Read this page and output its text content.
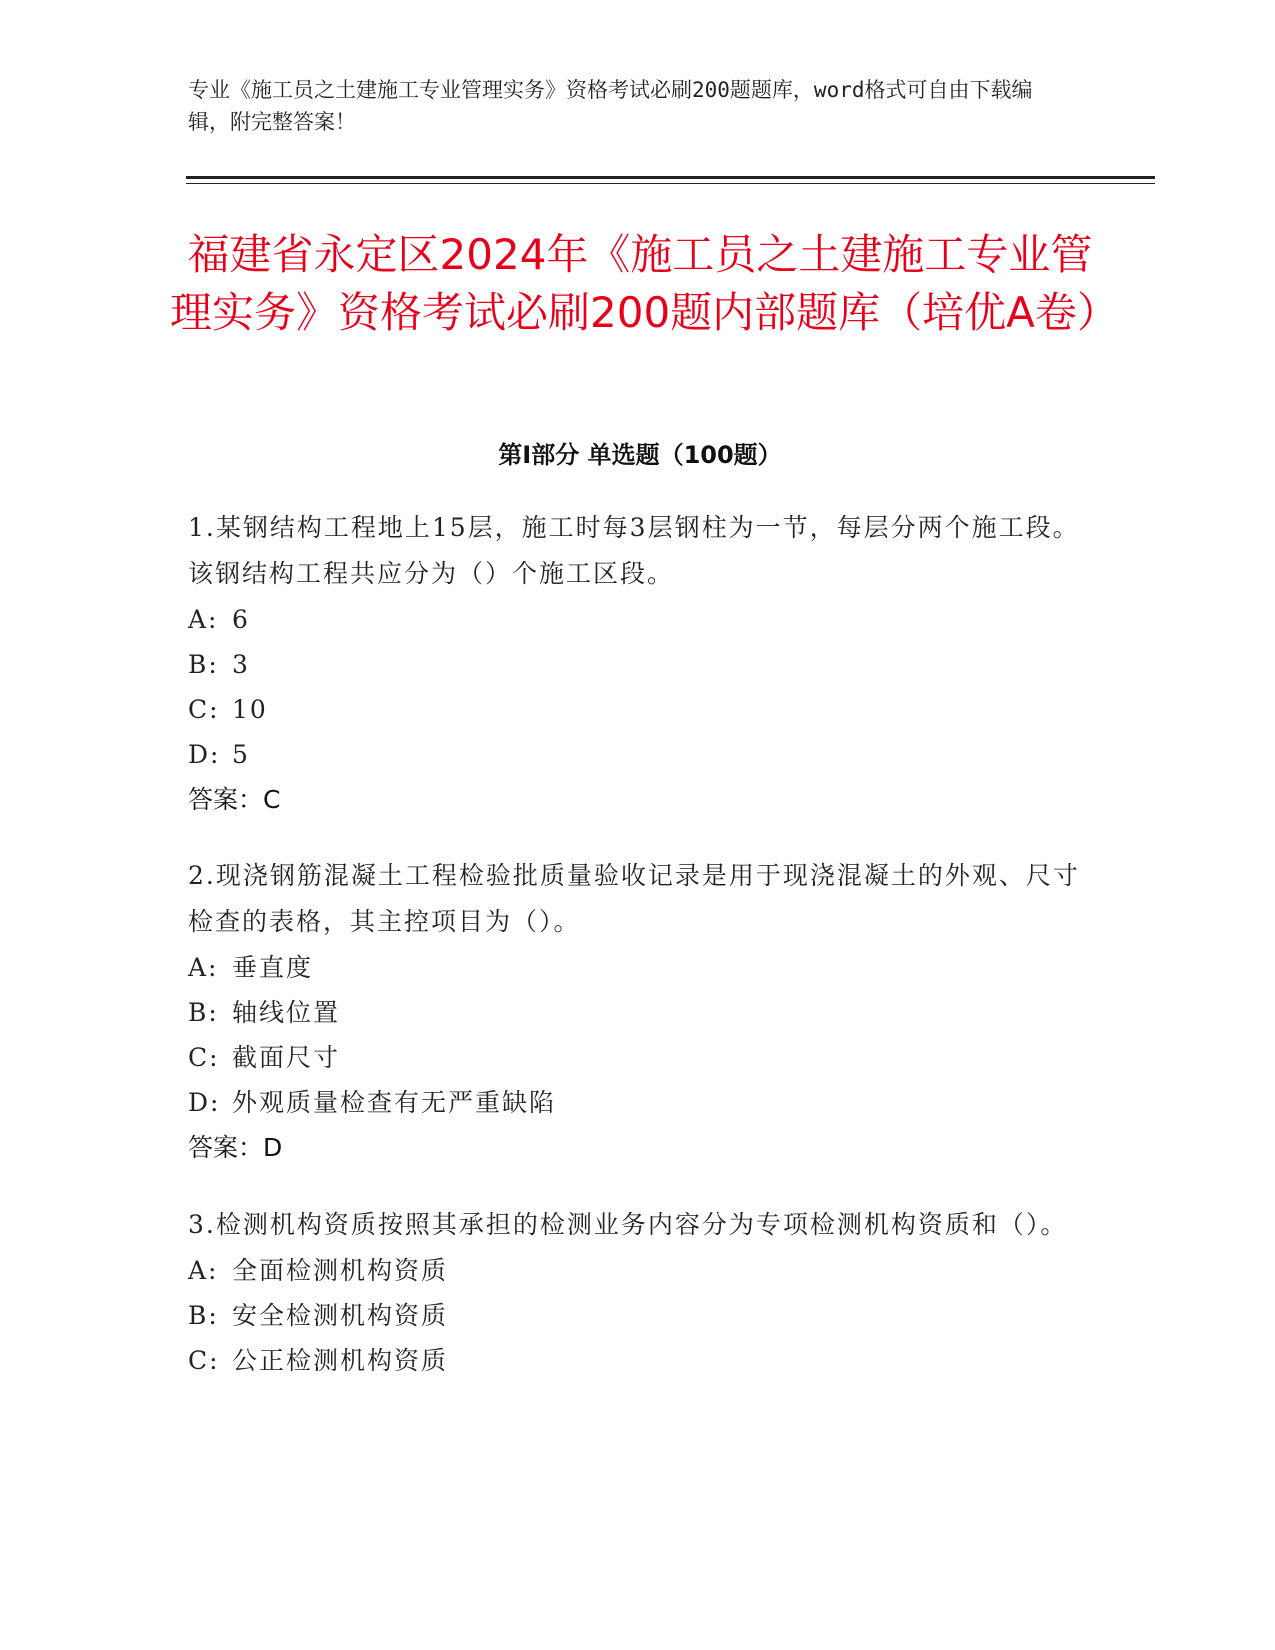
专业《施工员之土建施工专业管理实务》资格考试必刷200题题库，word格式可自由下载编辑，附完整答案！
福建省永定区2024年《施工员之土建施工专业管理实务》资格考试必刷200题内部题库（培优A卷）
第Ⅰ部分 单选题（100题）
1.某钢结构工程地上15层，施工时每3层钢柱为一节，每层分两个施工段。该钢结构工程共应分为（）个施工区段。
A: 6
B: 3
C: 10
D: 5
答案：C
2.现浇钢筋混凝土工程检验批质量验收记录是用于现浇混凝土的外观、尺寸检查的表格，其主控项目为（）。
A: 垂直度
B: 轴线位置
C: 截面尺寸
D: 外观质量检查有无严重缺陷
答案：D
3.检测机构资质按照其承担的检测业务内容分为专项检测机构资质和（）。
A: 全面检测机构资质
B: 安全检测机构资质
C: 公正检测机构资质
